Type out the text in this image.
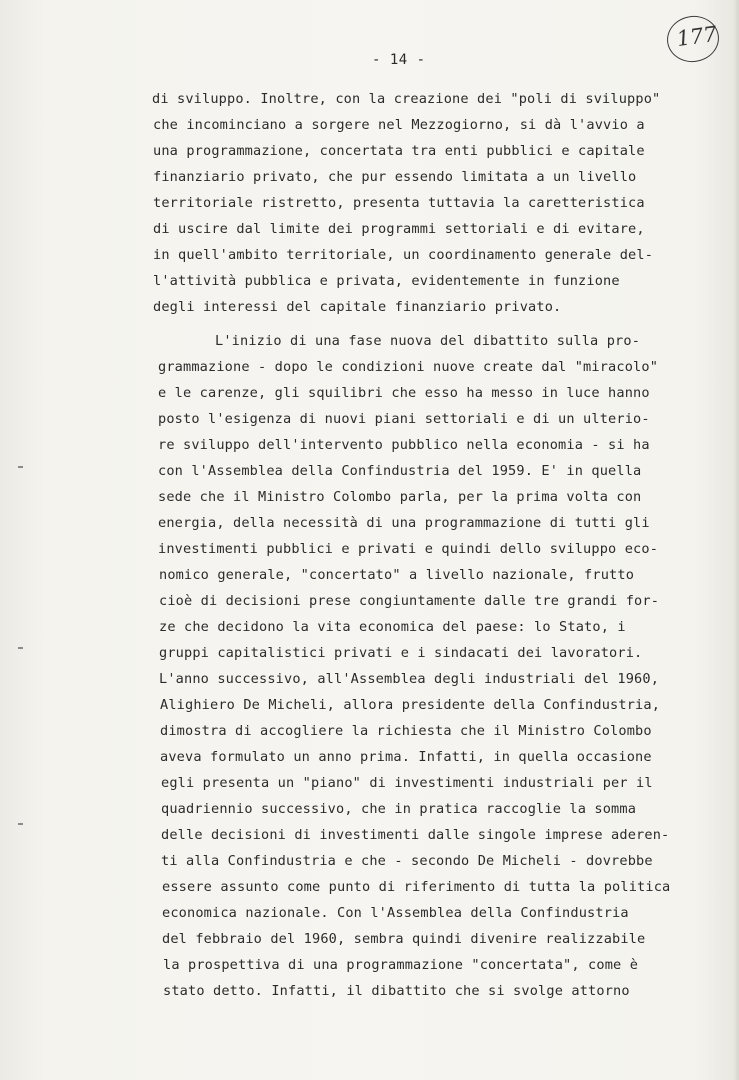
- 14 -
177
di sviluppo. Inoltre, con la creazione dei "poli di sviluppo"
che incominciano a sorgere nel Mezzogiorno, si dà l'avvio a
una programmazione, concertata tra enti pubblici e capitale
finanziario privato, che pur essendo limitata a un livello
territoriale ristretto, presenta tuttavia la caretteristica
di uscire dal limite dei programmi settoriali e di evitare,
in quell'ambito territoriale, un coordinamento generale del-
l'attività pubblica e privata, evidentemente in funzione
degli interessi del capitale finanziario privato.
L'inizio di una fase nuova del dibattito sulla pro-
grammazione - dopo le condizioni nuove create dal "miracolo"
e le carenze, gli squilibri che esso ha messo in luce hanno
posto l'esigenza di nuovi piani settoriali e di un ulterio-
re sviluppo dell'intervento pubblico nella economia - si ha
con l'Assemblea della Confindustria del 1959. E' in quella
sede che il Ministro Colombo parla, per la prima volta con
energia, della necessità di una programmazione di tutti gli
investimenti pubblici e privati e quindi dello sviluppo eco-
nomico generale, "concertato" a livello nazionale, frutto
cioè di decisioni prese congiuntamente dalle tre grandi for-
ze che decidono la vita economica del paese: lo Stato, i
gruppi capitalistici privati e i sindacati dei lavoratori.
L'anno successivo, all'Assemblea degli industriali del 1960,
Alighiero De Micheli, allora presidente della Confindustria,
dimostra di accogliere la richiesta che il Ministro Colombo
aveva formulato un anno prima. Infatti, in quella occasione
egli presenta un "piano" di investimenti industriali per il
quadriennio successivo, che in pratica raccoglie la somma
delle decisioni di investimenti dalle singole imprese aderen-
ti alla Confindustria e che - secondo De Micheli - dovrebbe
essere assunto come punto di riferimento di tutta la politica
economica nazionale. Con l'Assemblea della Confindustria
del febbraio del 1960, sembra quindi divenire realizzabile
la prospettiva di una programmazione "concertata", come è
stato detto. Infatti, il dibattito che si svolge attorno
